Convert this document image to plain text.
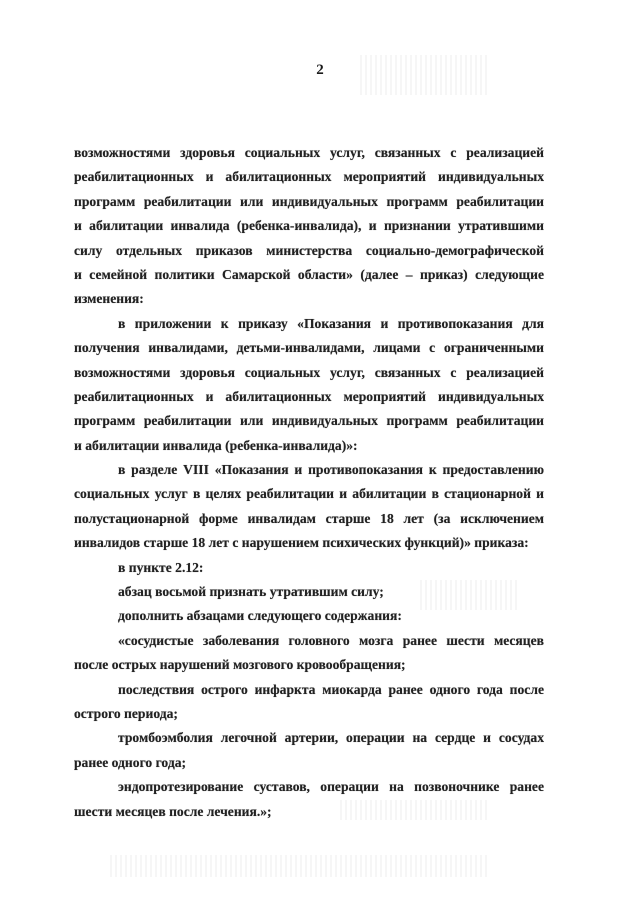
2
возможностями здоровья социальных услуг, связанных с реализацией
реабилитационных и абилитационных мероприятий индивидуальных
программ реабилитации или индивидуальных программ реабилитации
и абилитации инвалида (ребенка-инвалида), и признании утратившими
силу отдельных приказов министерства социально-демографической
и семейной политики Самарской области» (далее – приказ) следующие
изменения:
в приложении к приказу «Показания и противопоказания для
получения инвалидами, детьми-инвалидами, лицами с ограниченными
возможностями здоровья социальных услуг, связанных с реализацией
реабилитационных и абилитационных мероприятий индивидуальных
программ реабилитации или индивидуальных программ реабилитации
и абилитации инвалида (ребенка-инвалида)»:
в разделе VIII «Показания и противопоказания к предоставлению
социальных услуг в целях реабилитации и абилитации в стационарной и
полустационарной форме инвалидам старше 18 лет (за исключением
инвалидов старше 18 лет с нарушением психических функций)» приказа:
в пункте 2.12:
абзац восьмой признать утратившим силу;
дополнить абзацами следующего содержания:
«сосудистые заболевания головного мозга ранее шести месяцев
после острых нарушений мозгового кровообращения;
последствия острого инфаркта миокарда ранее одного года после
острого периода;
тромбоэмболия легочной артерии, операции на сердце и сосудах
ранее одного года;
эндопротезирование суставов, операции на позвоночнике ранее
шести месяцев после лечения.»;
